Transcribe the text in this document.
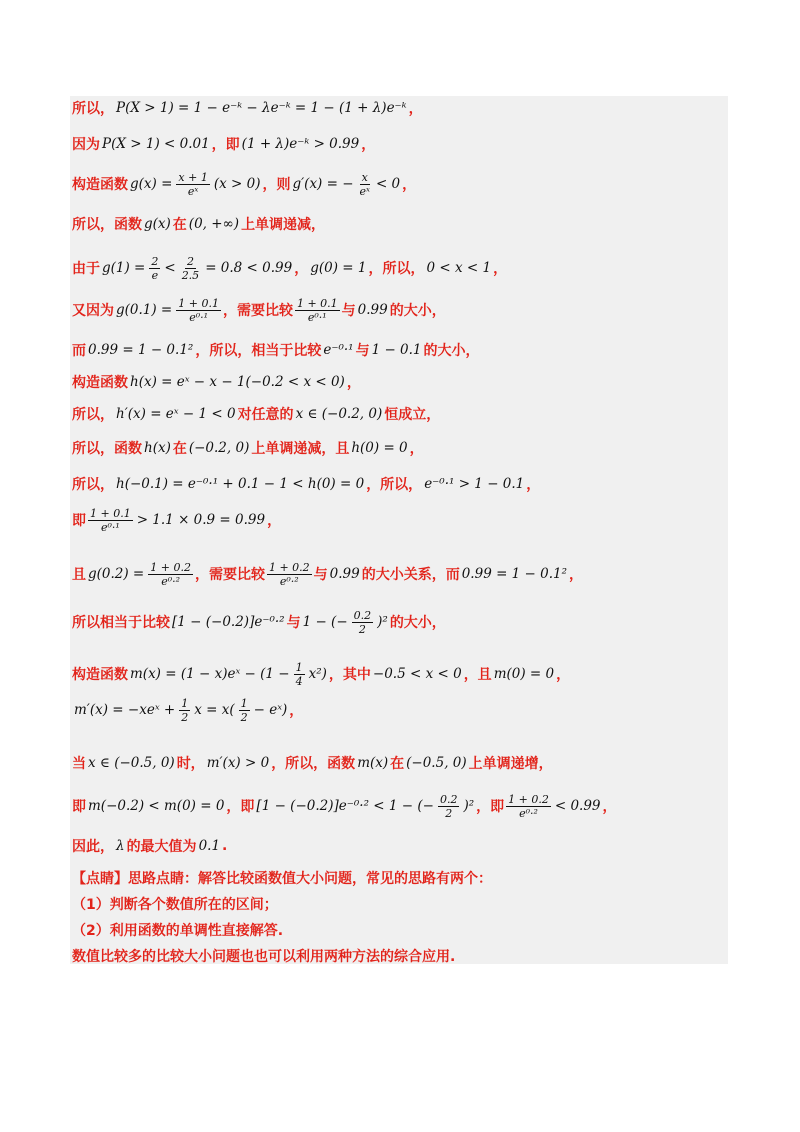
所以， P(X > 1) = 1 − e⁻ᵏ − λe⁻ᵏ = 1 − (1 + λ)e⁻ᵏ ，
因为 P(X > 1) < 0.01 ，即 (1 + λ)e⁻ᵏ > 0.99 ，
构造函数 $g(x) = \frac{x + 1}{\text{eˣ}} (x > 0)$ ，则 g′(x) = − $\frac{x}{\text{eˣ}} < 0$ ，
所以，函数 g(x) 在 (0, +∞) 上单调递减，
由于 $g(1) = \frac{2}{e} < \frac{2}{2.5} = 0.8 < 0.99$ ， g(0) = 1 ，所以， 0 < x < 1 ，
又因为 $g(0.1) = \frac{1 + 0.1}{\text{e⁰·¹}}$ ，需要比较 $\frac{1 + 0.1}{\text{e⁰·¹}}$ 与 0.99 的大小，
而 0.99 = 1 − 0.1² ，所以，相当于比较 e⁻⁰·¹ 与 1 − 0.1 的大小，
构造函数 h(x) = eˣ − x − 1(−0.2 < x < 0) ，
所以， h′(x) = eˣ − 1 < 0 对任意的 x ∈ (−0.2, 0) 恒成立，
所以，函数 h(x) 在 (−0.2, 0) 上单调递减，且 h(0) = 0 ，
所以， h(−0.1) = e⁻⁰·¹ + 0.1 − 1 < h(0) = 0 ，所以， e⁻⁰·¹ > 1 − 0.1 ，
即 $\frac{1 + 0.1}{\text{e⁰·¹}} > 1.1 \times 0.9 = 0.99$ ，
且 $g(0.2) = \frac{1 + 0.2}{\text{e⁰·²}}$ ，需要比较 $\frac{1 + 0.2}{\text{e⁰·²}}$ 与 0.99 的大小关系，而 0.99 = 1 − 0.1² ，
所以相当于比较 [1 − (−0.2)]e⁻⁰·² 与 1 − (− $\frac{0.2}{2} )^2$ 的大小，
构造函数 m(x) = (1 − x)eˣ − $(1 - \frac{1}{4} x^2)$ ，其中 −0.5 < x < 0 ，且 m(0) = 0 ，
m′(x) = −xeˣ + $\frac{1}{2}$ $x = x( \frac{1}{2}$ − eˣ) ，
当 x ∈ (−0.5, 0) 时， m′(x) > 0 ，所以，函数 m(x) 在 (−0.5, 0) 上单调递增，
即 m(−0.2) < m(0) = 0 ，即 [1 − (−0.2)]e⁻⁰·² < 1 − (− $\frac{0.2}{2} )^2$ ，即 $\frac{1 + 0.2}{\text{e⁰·²}} < 0.99$ ，
因此， λ 的最大值为 0.1 .
【点睛】思路点睛：解答比较函数值大小问题，常见的思路有两个：
（1）判断各个数值所在的区间；
（2）利用函数的单调性直接解答.
数值比较多的比较大小问题也也可以利用两种方法的综合应用.
